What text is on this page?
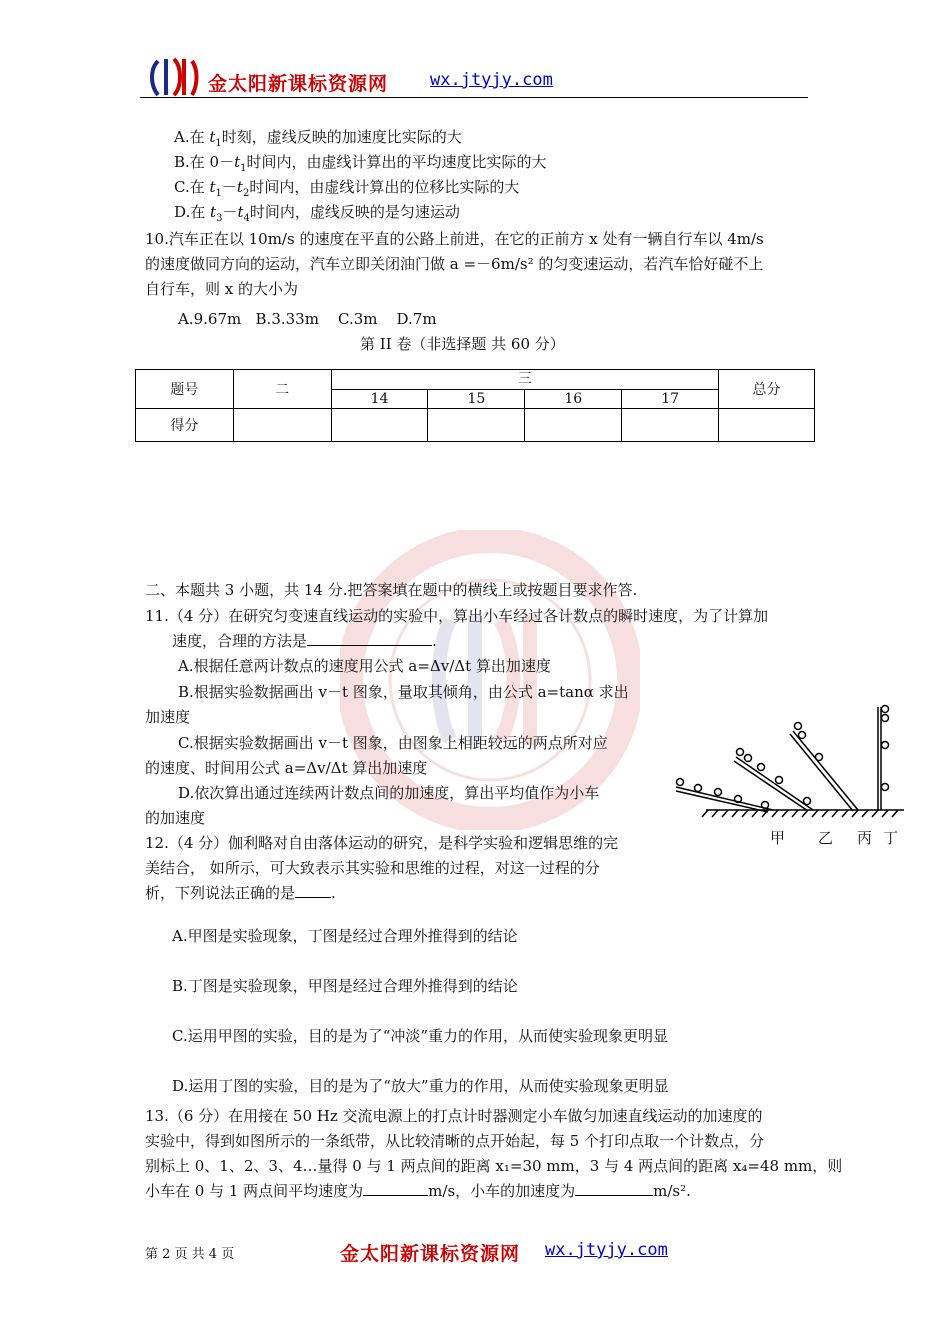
金太阳新课标资源网 wx.jtyjy.com
A.在 $t_1$时刻，虚线反映的加速度比实际的大
B.在 $0-t_1$时间内，由虚线计算出的平均速度比实际的大
C.在 $t_1-t_2$时间内，由虚线计算出的位移比实际的大
D.在 $t_3-t_4$时间内，虚线反映的是匀速运动
10.汽车正在以 10m/s 的速度在平直的公路上前进，在它的正前方 x 处有一辆自行车以 4m/s
的速度做同方向的运动，汽车立即关闭油门做 a =－6m/s² 的匀变速运动，若汽车恰好碰不上
自行车，则 x 的大小为
A.9.67m   B.3.33m    C.3m    D.7m
第 II 卷（非选择题 共 60 分）
题号	二	三				总分
		14	15	16	17	
得分						
二、本题共 3 小题，共 14 分.把答案填在题中的横线上或按题目要求作答.
11.（4 分）在研究匀变速直线运动的实验中，算出小车经过各计数点的瞬时速度，为了计算加
速度，合理的方法是	.
A.根据任意两计数点的速度用公式 a=Δv/Δt 算出加速度
B.根据实验数据画出 v－t 图象，量取其倾角，由公式 a=tanα 求出
加速度
C.根据实验数据画出 v－t 图象，由图象上相距较远的两点所对应
的速度、时间用公式 a=Δv/Δt 算出加速度
D.依次算出通过连续两计数点间的加速度，算出平均值作为小车
的加速度
12.（4 分）伽利略对自由落体运动的研究，是科学实验和逻辑思维的完
美结合， 如所示，可大致表示其实验和思维的过程，对这一过程的分
析，下列说法正确的是 .
A.甲图是实验现象，丁图是经过合理外推得到的结论
B.丁图是实验现象，甲图是经过合理外推得到的结论
C.运用甲图的实验，目的是为了“冲淡”重力的作用，从而使实验现象更明显
D.运用丁图的实验，目的是为了“放大”重力的作用，从而使实验现象更明显
甲 乙 丙 丁
13.（6 分）在用接在 50 Hz 交流电源上的打点计时器测定小车做匀加速直线运动的加速度的
实验中，得到如图所示的一条纸带，从比较清晰的点开始起，每 5 个打印点取一个计数点，分
别标上 0、1、2、3、4…量得 0 与 1 两点间的距离 x₁=30 mm，3 与 4 两点间的距离 x₄=48 mm，则
小车在 0 与 1 两点间平均速度为	m/s，小车的加速度为	m/s².
第 2 页 共 4 页	金太阳新课标资源网 wx.jtyjy.com
